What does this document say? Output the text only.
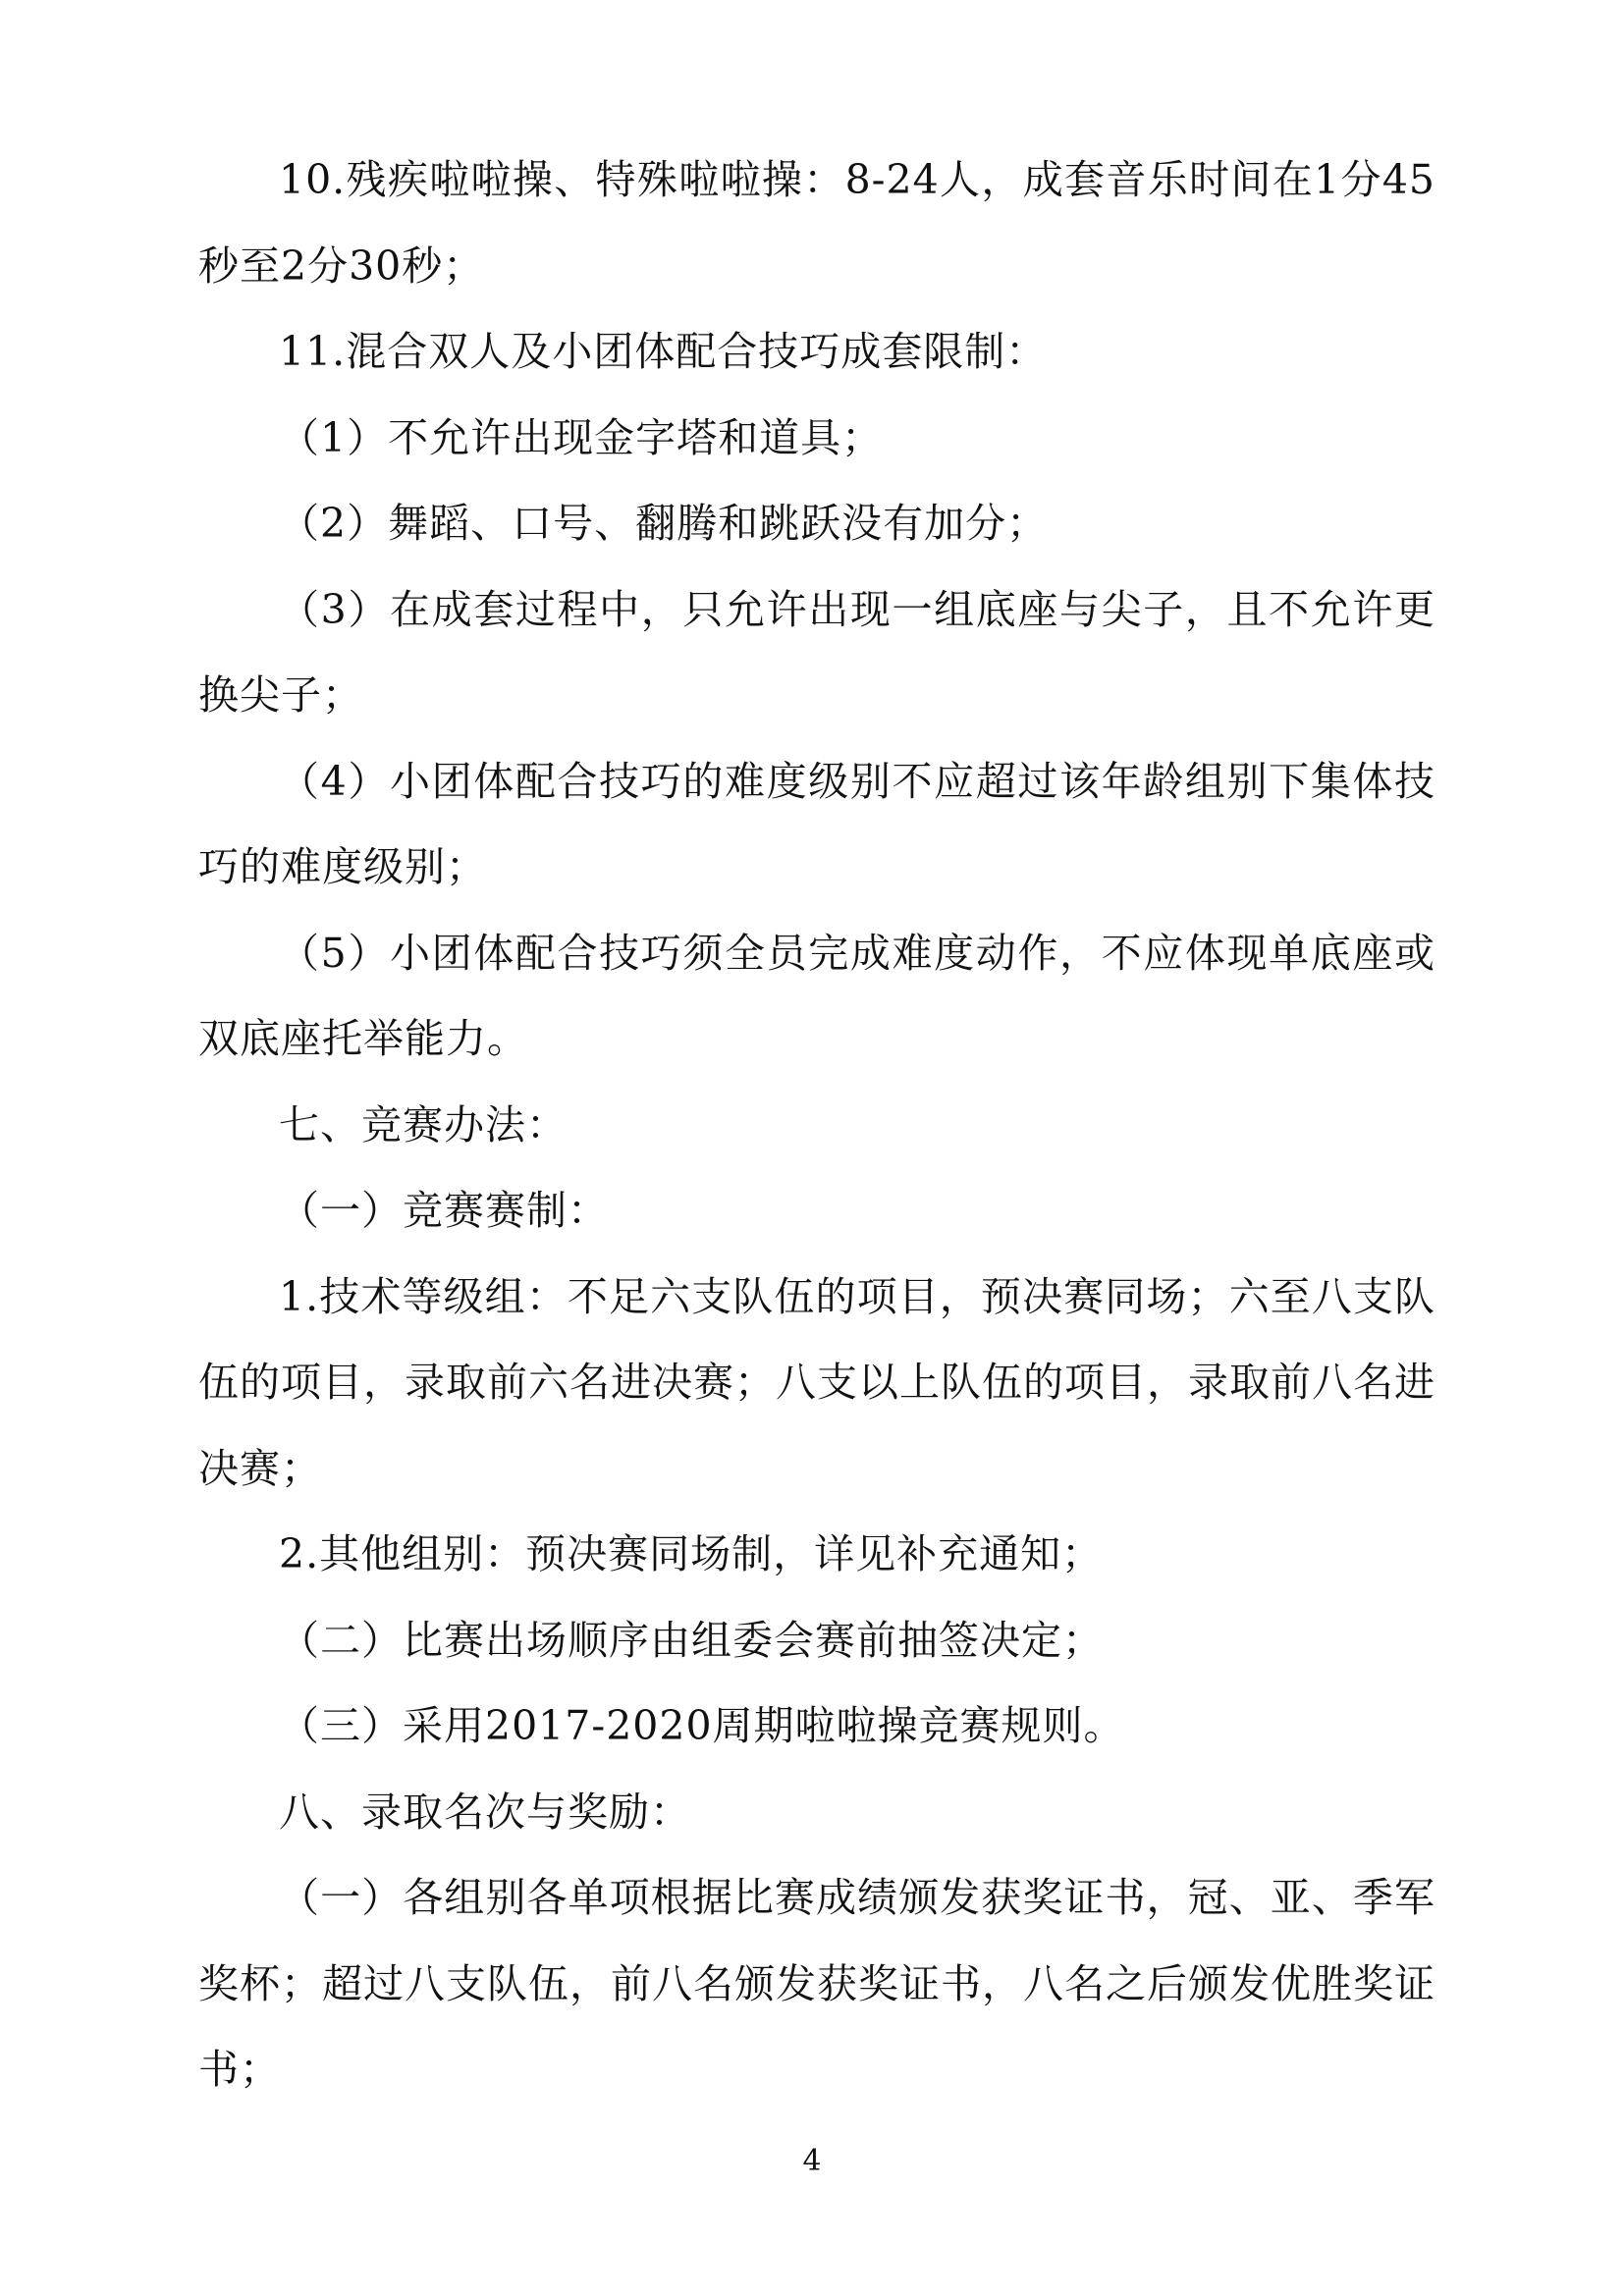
10.残疾啦啦操、特殊啦啦操：8-24人，成套音乐时间在1分45秒至2分30秒；

11.混合双人及小团体配合技巧成套限制：

（1）不允许出现金字塔和道具；

（2）舞蹈、口号、翻腾和跳跃没有加分；

（3）在成套过程中，只允许出现一组底座与尖子，且不允许更换尖子；

（4）小团体配合技巧的难度级别不应超过该年龄组别下集体技巧的难度级别；

（5）小团体配合技巧须全员完成难度动作，不应体现单底座或双底座托举能力。

七、竞赛办法：

（一）竞赛赛制：

1.技术等级组：不足六支队伍的项目，预决赛同场；六至八支队伍的项目，录取前六名进决赛；八支以上队伍的项目，录取前八名进决赛；

2.其他组别：预决赛同场制，详见补充通知；

（二）比赛出场顺序由组委会赛前抽签决定；

（三）采用2017-2020周期啦啦操竞赛规则。

八、录取名次与奖励：

（一）各组别各单项根据比赛成绩颁发获奖证书，冠、亚、季军奖杯；超过八支队伍，前八名颁发获奖证书，八名之后颁发优胜奖证书；

4
